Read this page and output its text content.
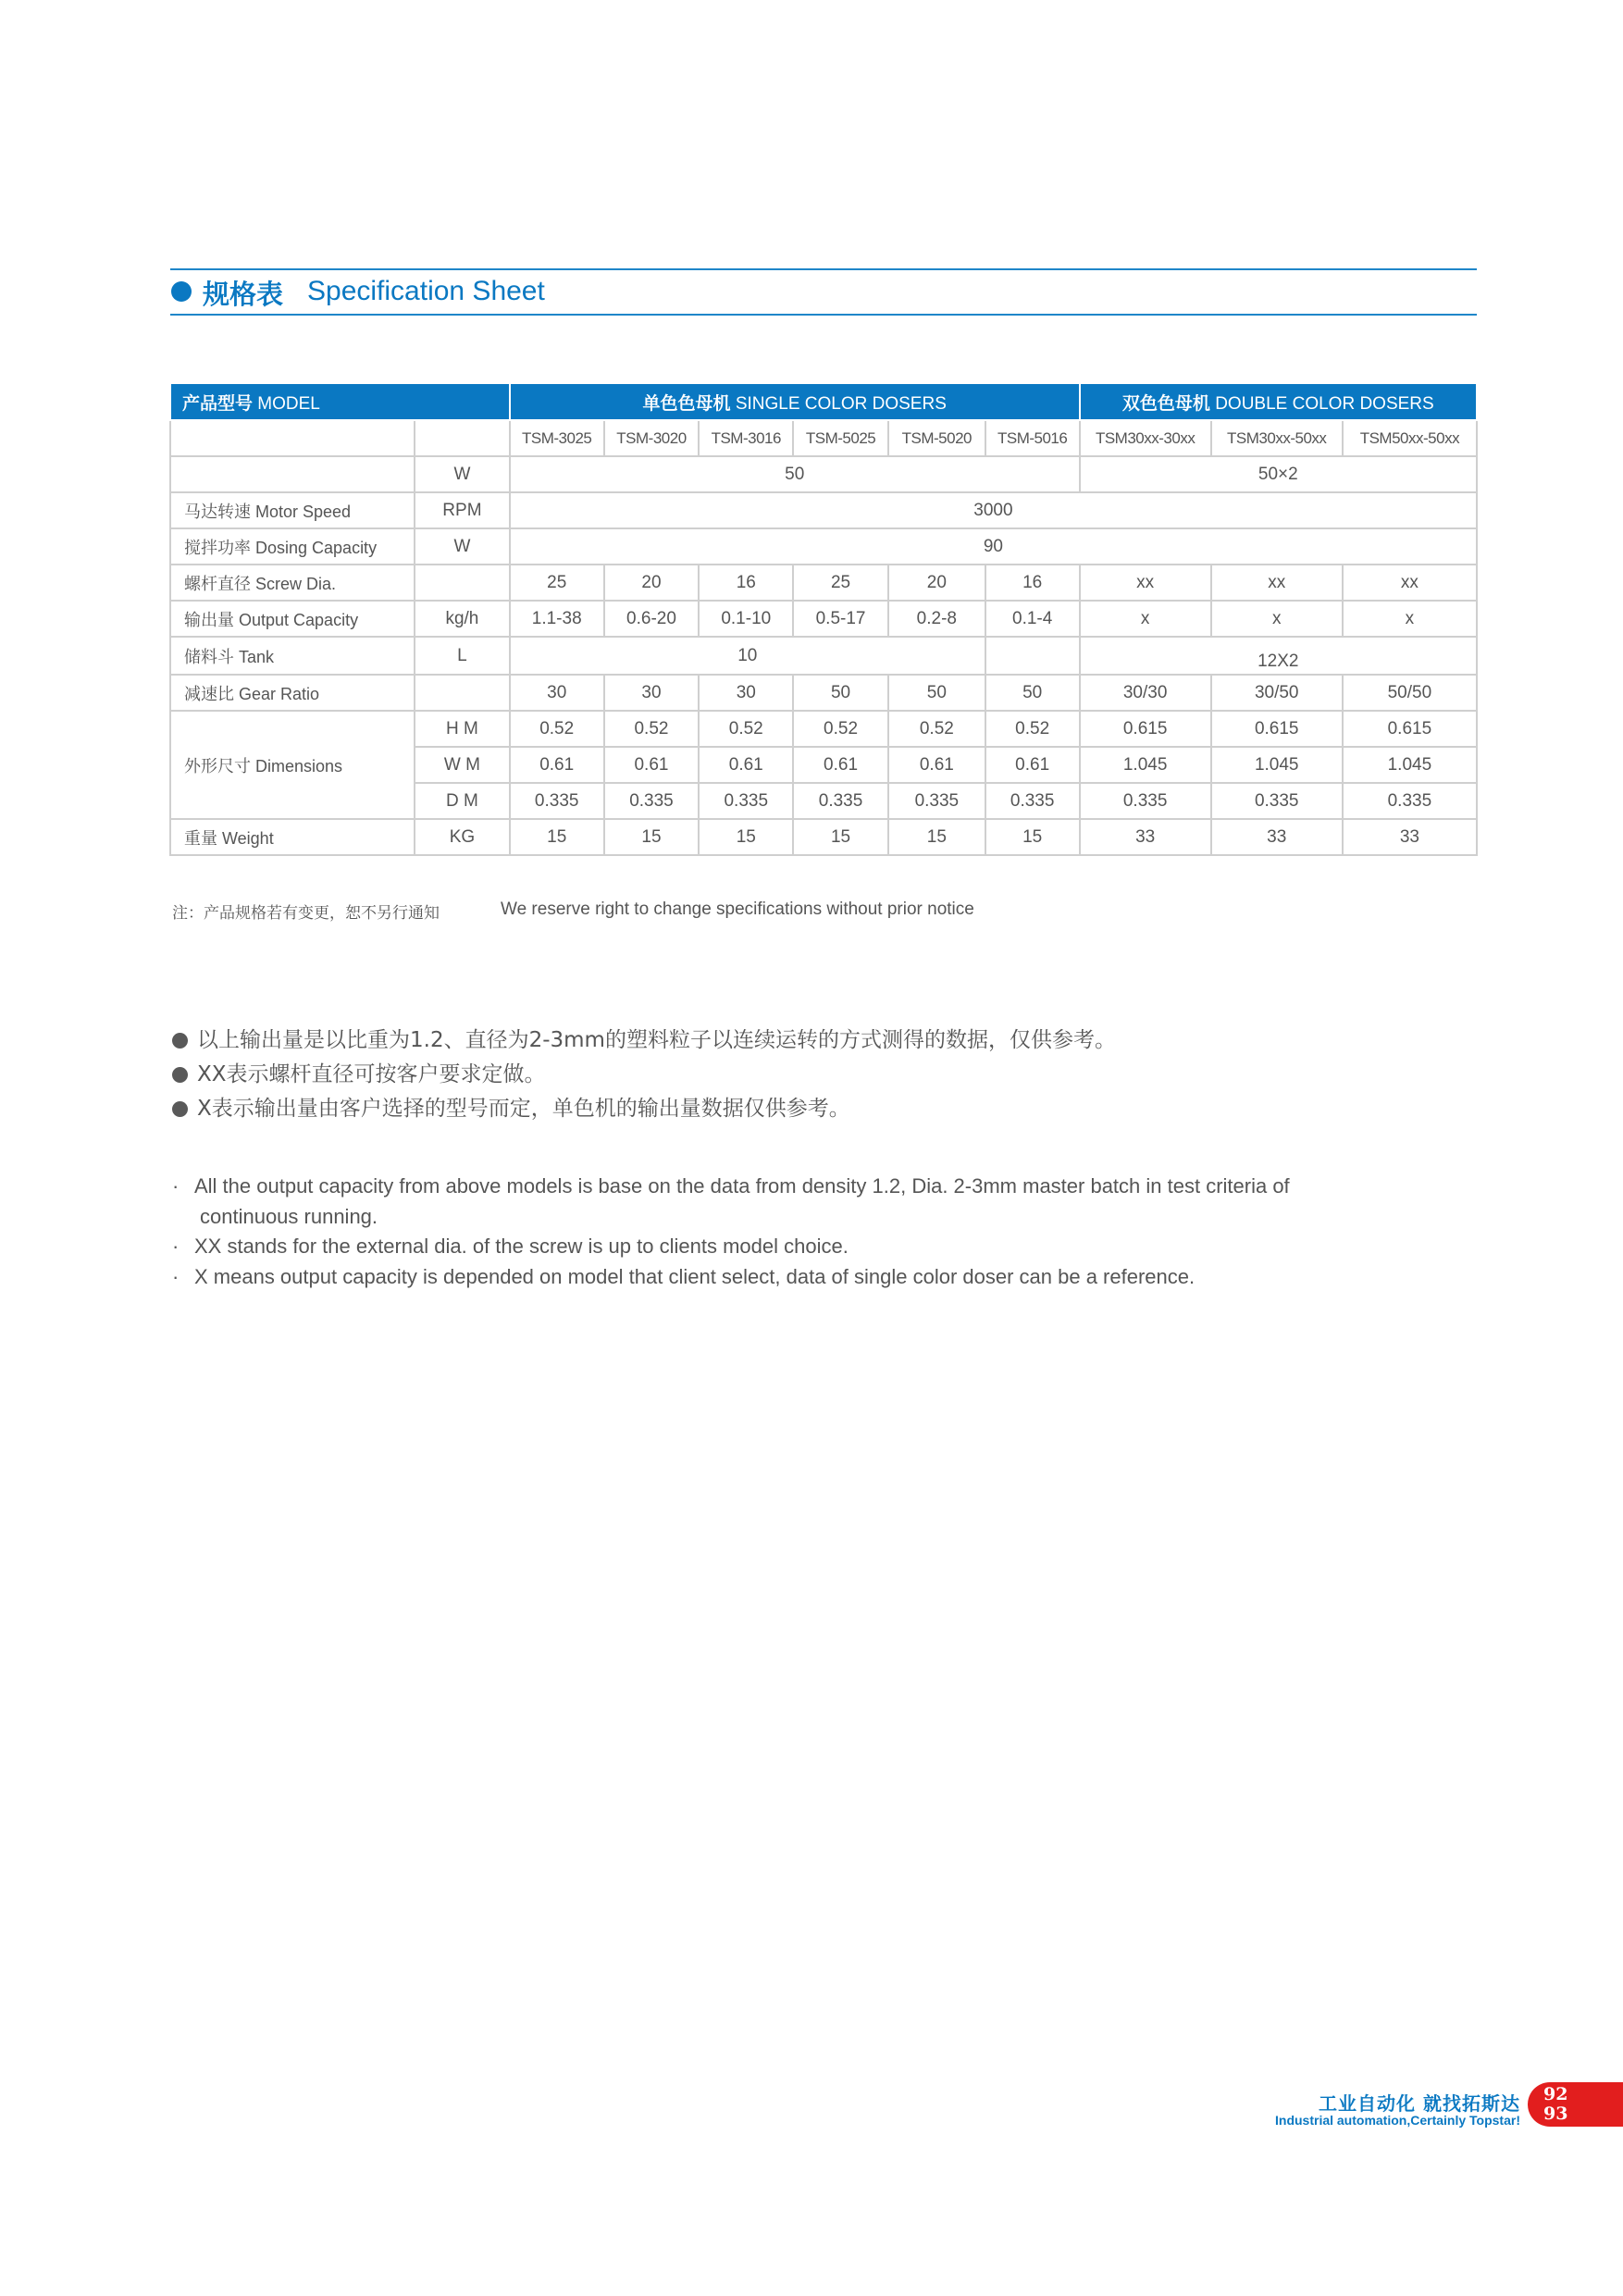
规格表 Specification Sheet
产品型号 MODEL		单色色母机 SINGLE COLOR DOSERS						双色色母机 DOUBLE COLOR DOSERS		
		TSM-3025	TSM-3020	TSM-3016	TSM-5025	TSM-5020	TSM-5016	TSM30xx-30xx	TSM30xx-50xx	TSM50xx-50xx
	W	50						50×2		
马达转速 Motor Speed	RPM	3000								
搅拌功率 Dosing Capacity	W	90								
螺杆直径 Screw Dia.		25	20	16	25	20	16	xx	xx	xx
输出量 Output Capacity	kg/h	1.1-38	0.6-20	0.1-10	0.5-17	0.2-8	0.1-4	x	x	x
储料斗 Tank	L	10						12X2		
减速比 Gear Ratio		30	30	30	50	50	50	30/30	30/50	50/50
外形尺寸 Dimensions	H M	0.52	0.52	0.52	0.52	0.52	0.52	0.615	0.615	0.615
	W M	0.61	0.61	0.61	0.61	0.61	0.61	1.045	1.045	1.045
	D M	0.335	0.335	0.335	0.335	0.335	0.335	0.335	0.335	0.335
重量 Weight	KG	15	15	15	15	15	15	33	33	33
注：产品规格若有变更，恕不另行通知	We reserve right to change specifications without prior notice
以上输出量是以比重为1.2、直径为2-3mm的塑料粒子以连续运转的方式测得的数据，仅供参考。
XX表示螺杆直径可按客户要求定做。
X表示输出量由客户选择的型号而定，单色机的输出量数据仅供参考。
· All the output capacity from above models is base on the data from density 1.2, Dia. 2-3mm master batch in test criteria of
continuous running.
· XX stands for the external dia. of the screw is up to clients model choice.
· X means output capacity is depended on model that client select, data of single color doser can be a reference.
工业自动化 就找拓斯达
Industrial automation,Certainly Topstar!
92
93
